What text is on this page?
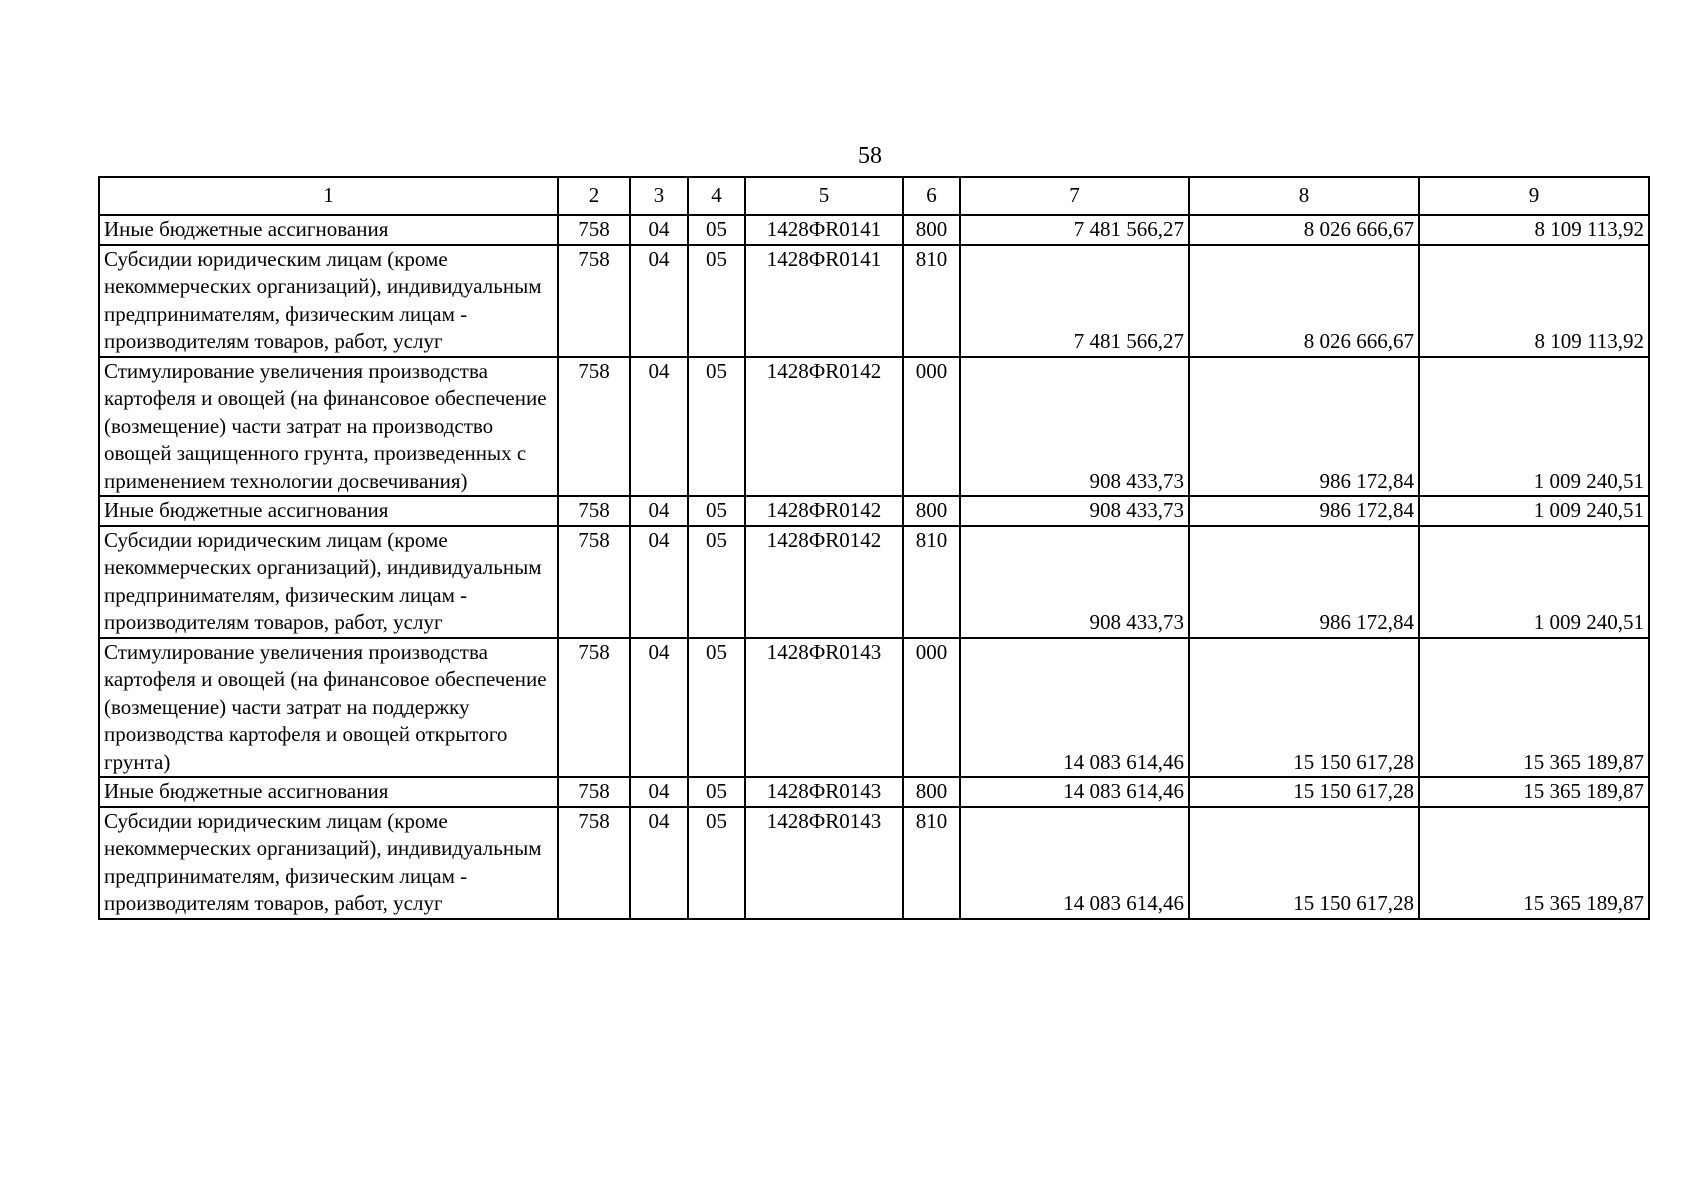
58
1	2	3	4	5	6	7	8	9
Иные бюджетные ассигнования	758	04	05	1428ФR0141	800	7 481 566,27	8 026 666,67	8 109 113,92
Субсидии юридическим лицам (кроме некоммерческих организаций), индивидуальным предпринимателям, физическим лицам - производителям товаров, работ, услуг	758	04	05	1428ФR0141	810	7 481 566,27	8 026 666,67	8 109 113,92
Стимулирование увеличения производства картофеля и овощей (на финансовое обеспечение (возмещение) части затрат на производство овощей защищенного грунта, произведенных с применением технологии досвечивания)	758	04	05	1428ФR0142	000	908 433,73	986 172,84	1 009 240,51
Иные бюджетные ассигнования	758	04	05	1428ФR0142	800	908 433,73	986 172,84	1 009 240,51
Субсидии юридическим лицам (кроме некоммерческих организаций), индивидуальным предпринимателям, физическим лицам - производителям товаров, работ, услуг	758	04	05	1428ФR0142	810	908 433,73	986 172,84	1 009 240,51
Стимулирование увеличения производства картофеля и овощей (на финансовое обеспечение (возмещение) части затрат на поддержку производства картофеля и овощей открытого грунта)	758	04	05	1428ФR0143	000	14 083 614,46	15 150 617,28	15 365 189,87
Иные бюджетные ассигнования	758	04	05	1428ФR0143	800	14 083 614,46	15 150 617,28	15 365 189,87
Субсидии юридическим лицам (кроме некоммерческих организаций), индивидуальным предпринимателям, физическим лицам - производителям товаров, работ, услуг	758	04	05	1428ФR0143	810	14 083 614,46	15 150 617,28	15 365 189,87
